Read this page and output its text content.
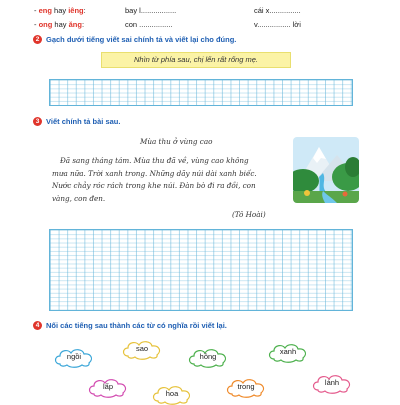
- eng hay iêng:	bay l.................	cái x...............
- ong hay ăng:	con ................	v................ lời
2 Gạch dưới tiếng viết sai chính tả và viết lại cho đúng.
Nhìn từ phía sau, chị lến rất rống mẹ.
3 Viết chính tả bài sau.
Mùa thu ở vùng cao
Đã sang tháng tám. Mùa thu đã về, vùng cao không
mưa nữa. Trời xanh trong. Những dãy núi dài xanh biếc.
Nước chảy róc rách trong khe núi. Đàn bò đi ra đồi, con
vàng, con đen.
(Tô Hoài)
4 Nối các tiếng sau thành các từ có nghĩa rồi viết lại.
ngồi
sao
hồng
xanh
lấp
hoa
trong	lánh
